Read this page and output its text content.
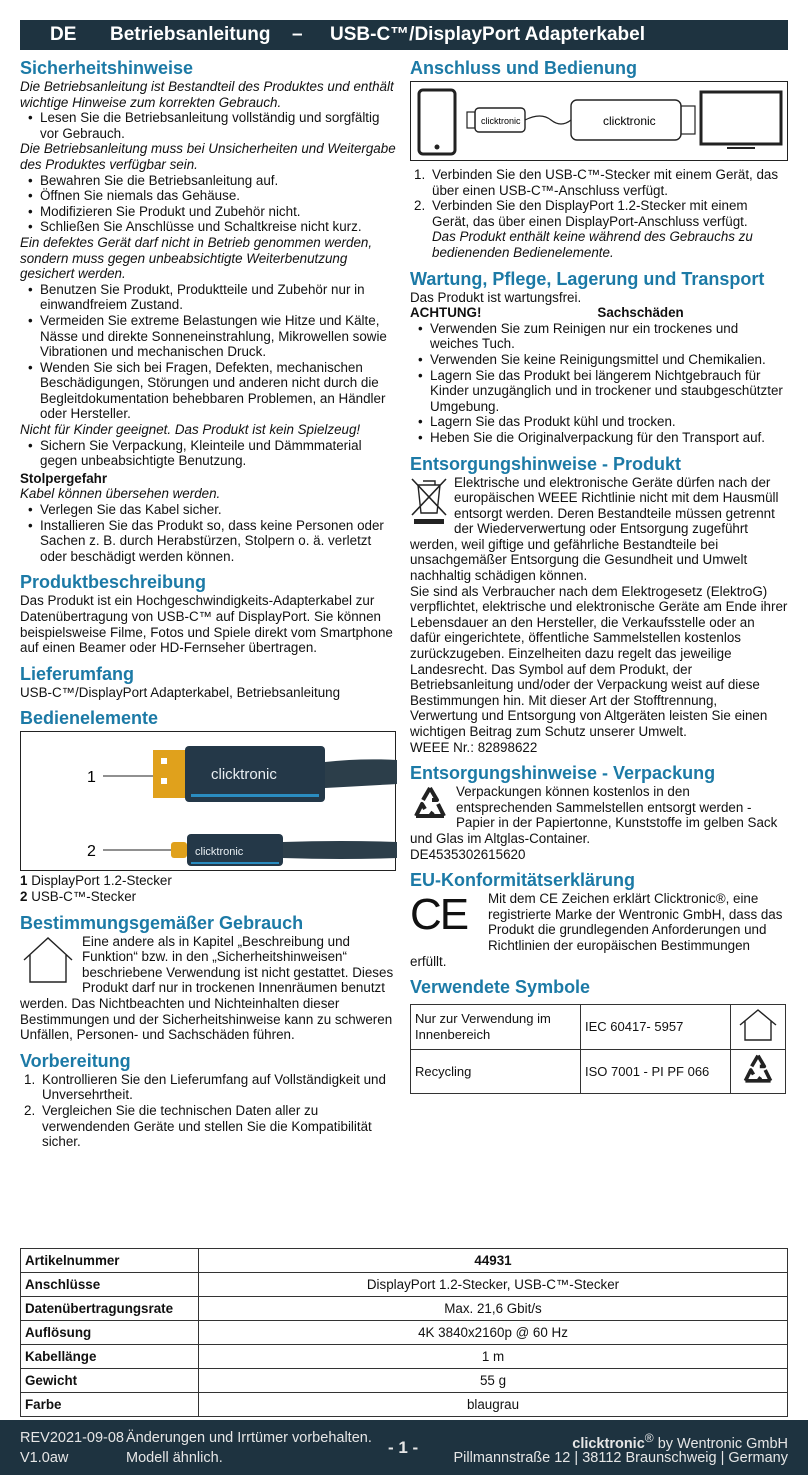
DE Betriebsanleitung – USB-C™/DisplayPort Adapterkabel
Sicherheitshinweise
Die Betriebsanleitung ist Bestandteil des Produktes und enthält wichtige Hinweise zum korrekten Gebrauch.
• Lesen Sie die Betriebsanleitung vollständig und sorgfältig vor Gebrauch.
Die Betriebsanleitung muss bei Unsicherheiten und Weitergabe des Produktes verfügbar sein.
• Bewahren Sie die Betriebsanleitung auf.
• Öffnen Sie niemals das Gehäuse.
• Modifizieren Sie Produkt und Zubehör nicht.
• Schließen Sie Anschlüsse und Schaltkreise nicht kurz.
Ein defektes Gerät darf nicht in Betrieb genommen werden, sondern muss gegen unbeabsichtigte Weiterbenutzung gesichert werden.
• Benutzen Sie Produkt, Produktteile und Zubehör nur in einwandfreiem Zustand.
• Vermeiden Sie extreme Belastungen wie Hitze und Kälte, Nässe und direkte Sonneneinstrahlung, Mikrowellen sowie Vibrationen und mechanischen Druck.
• Wenden Sie sich bei Fragen, Defekten, mechanischen Beschädigungen, Störungen und anderen nicht durch die Begleitdokumentation behebbaren Problemen, an Händler oder Hersteller.
Nicht für Kinder geeignet. Das Produkt ist kein Spielzeug!
• Sichern Sie Verpackung, Kleinteile und Dämmmaterial gegen unbeabsichtigte Benutzung.
Stolpergefahr
Kabel können übersehen werden.
• Verlegen Sie das Kabel sicher.
• Installieren Sie das Produkt so, dass keine Personen oder Sachen z. B. durch Herabstürzen, Stolpern o. ä. verletzt oder beschädigt werden können.
Produktbeschreibung
Das Produkt ist ein Hochgeschwindigkeits-Adapterkabel zur Datenübertragung von USB-C™ auf DisplayPort. Sie können beispielsweise Filme, Fotos und Spiele direkt vom Smartphone auf einen Beamer oder HD-Fernseher übertragen.
Lieferumfang
USB-C™/DisplayPort Adapterkabel, Betriebsanleitung
Bedienelemente
clicktronic
clicktronic
1
2
1 DisplayPort 1.2-Stecker
2 USB-C™-Stecker
Bestimmungsgemäßer Gebrauch
Eine andere als in Kapitel „Beschreibung und Funktion“ bzw. in den „Sicherheitshinweisen“ beschriebene Verwendung ist nicht gestattet. Dieses Produkt darf nur in trockenen Innenräumen benutzt werden. Das Nichtbeachten und Nichteinhalten dieser Bestimmungen und der Sicherheitshinweise kann zu schweren Unfällen, Personen- und Sachschäden führen.
Vorbereitung
1. Kontrollieren Sie den Lieferumfang auf Vollständigkeit und Unversehrtheit.
2. Vergleichen Sie die technischen Daten aller zu verwendenden Geräte und stellen Sie die Kompatibilität sicher.
Anschluss und Bedienung
clicktronic	clicktronic
1. Verbinden Sie den USB-C™-Stecker mit einem Gerät, das über einen USB-C™-Anschluss verfügt.
2. Verbinden Sie den DisplayPort 1.2-Stecker mit einem Gerät, das über einen DisplayPort-Anschluss verfügt.
Das Produkt enthält keine während des Gebrauchs zu bedienenden Bedienelemente.
Wartung, Pflege, Lagerung und Transport
Das Produkt ist wartungsfrei.
ACHTUNG!	Sachschäden
• Verwenden Sie zum Reinigen nur ein trockenes und weiches Tuch.
• Verwenden Sie keine Reinigungsmittel und Chemikalien.
• Lagern Sie das Produkt bei längerem Nichtgebrauch für Kinder unzugänglich und in trockener und staubgeschützter Umgebung.
• Lagern Sie das Produkt kühl und trocken.
• Heben Sie die Originalverpackung für den Transport auf.
Entsorgungshinweise - Produkt
Elektrische und elektronische Geräte dürfen nach der europäischen WEEE Richtlinie nicht mit dem Hausmüll entsorgt werden. Deren Bestandteile müssen getrennt der Wiederverwertung oder Entsorgung zugeführt werden, weil giftige und gefährliche Bestandteile bei unsachgemäßer Entsorgung die Gesundheit und Umwelt nachhaltig schädigen können.
Sie sind als Verbraucher nach dem Elektrogesetz (ElektroG) verpflichtet, elektrische und elektronische Geräte am Ende ihrer Lebensdauer an den Hersteller, die Verkaufsstelle oder an dafür eingerichtete, öffentliche Sammelstellen kostenlos zurückzugeben. Einzelheiten dazu regelt das jeweilige Landesrecht. Das Symbol auf dem Produkt, der Betriebsanleitung und/oder der Verpackung weist auf diese Bestimmungen hin. Mit dieser Art der Stofftrennung, Verwertung und Entsorgung von Altgeräten leisten Sie einen wichtigen Beitrag zum Schutz unserer Umwelt.
WEEE Nr.: 82898622
Entsorgungshinweise - Verpackung
Verpackungen können kostenlos in den entsprechenden Sammelstellen entsorgt werden - Papier in der Papiertonne, Kunststoffe im gelben Sack und Glas im Altglas-Container.
DE4535302615620
EU-Konformitätserklärung
CE	Mit dem CE Zeichen erklärt Clicktronic®, eine registrierte Marke der Wentronic GmbH, dass das Produkt die grundlegenden Anforderungen und Richtlinien der europäischen Bestimmungen erfüllt.
Verwendete Symbole
Nur zur Verwendung im Innenbereich	IEC 60417- 5957	
Recycling	ISO 7001 - PI PF 066	
Artikelnummer	44931
Anschlüsse	DisplayPort 1.2-Stecker, USB-C™-Stecker
Datenübertragungsrate	Max. 21,6 Gbit/s
Auflösung	4K 3840x2160p @ 60 Hz
Kabellänge	1 m
Gewicht	55 g
Farbe	blaugrau
REV2021-09-08
V1.0aw
Änderungen und Irrtümer vorbehalten.
Modell ähnlich.
- 1 -	clicktronic® by Wentronic GmbH
Pillmannstraße 12 | 38112 Braunschweig | Germany
